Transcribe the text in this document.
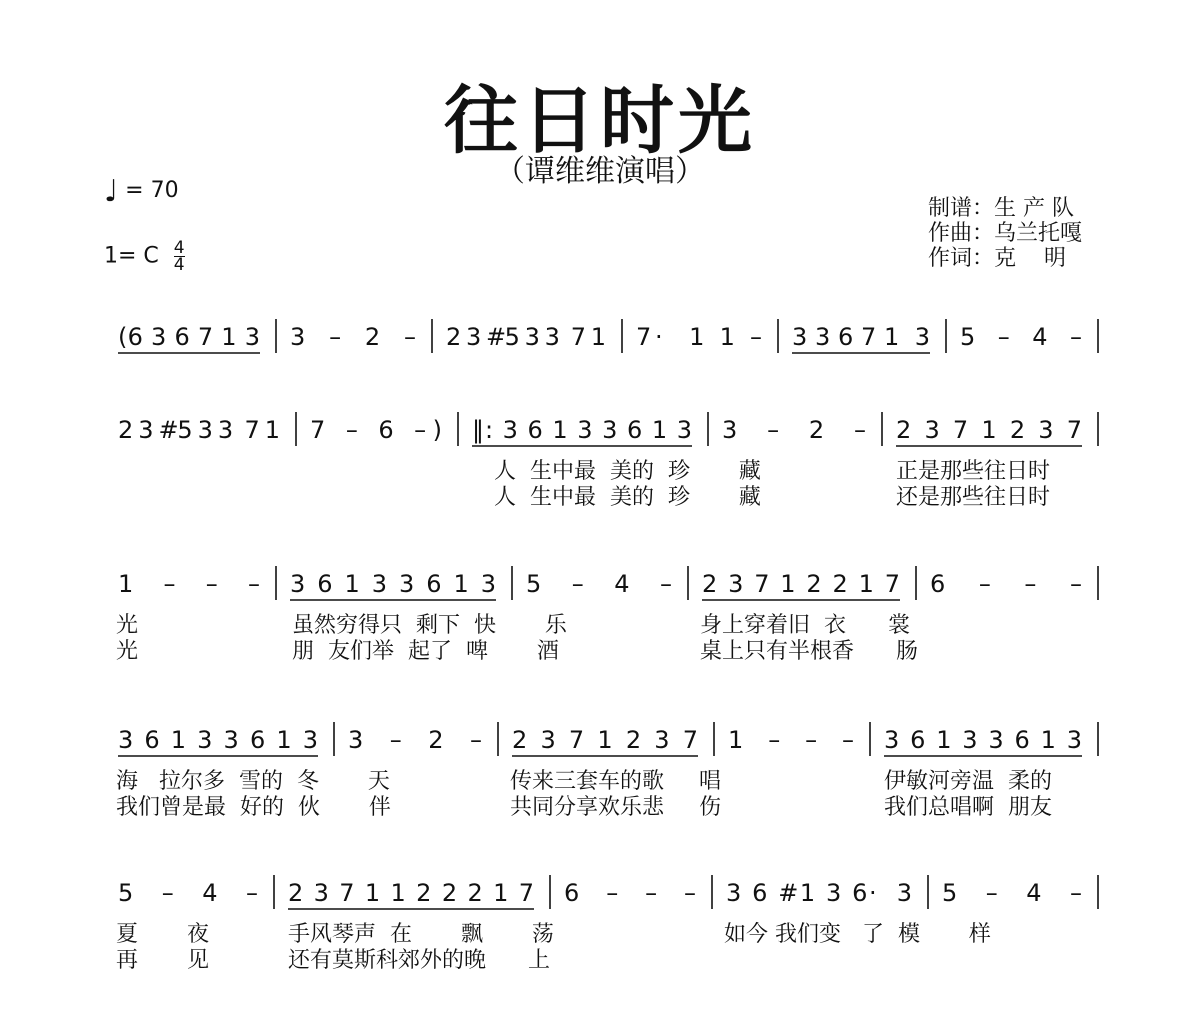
往日时光
（谭维维演唱）
♩ = 70
1= C $\frac{4}{4}$
制谱：生 产 队
作曲：乌兰托嘎
作词：克    明
(6 3 6 7 1 3 3 – 2 – 2 3 #5 3 3  7 1 7·  1 1 – 3 3 6 7 1  3 5 – 4 –
2 3 #5 3 3  7 1 7 – 6 –) ‖: 3 6 1 3 3 6 1 3 3 – 2 – 2 3 7 1 2 3 7
1 – – – 3 6 1 3 3 6 1 3 5 – 4 – 2 3 7 1 2 2 1 7 6 – – –
3 6 1 3 3 6 1 3 3 – 2 – 2 3 7 1 2 3 7 1 – – – 3 6 1 3 3 6 1 3
5 – 4 – 2 3 7 1 1 2 2 2 1 7 6 – – – 3 6 #1 3 6·  3 5 – 4 –
人  生中最  美的  珍       藏
人  生中最  美的  珍       藏
正是那些往日时
还是那些往日时
光
光
虽然穷得只  剩下  快       乐
朋  友们举  起了  啤       酒
身上穿着旧  衣      裳
桌上只有半根香      肠
海   拉尔多  雪的  冬       天
我们曾是最  好的  伙       伴
传来三套车的歌     唱
共同分享欢乐悲     伤
伊敏河旁温  柔的
我们总唱啊  朋友
夏       夜
再       见
手风琴声  在       飘       荡
还有莫斯科郊外的晚      上
如今 我们变   了  模       样
